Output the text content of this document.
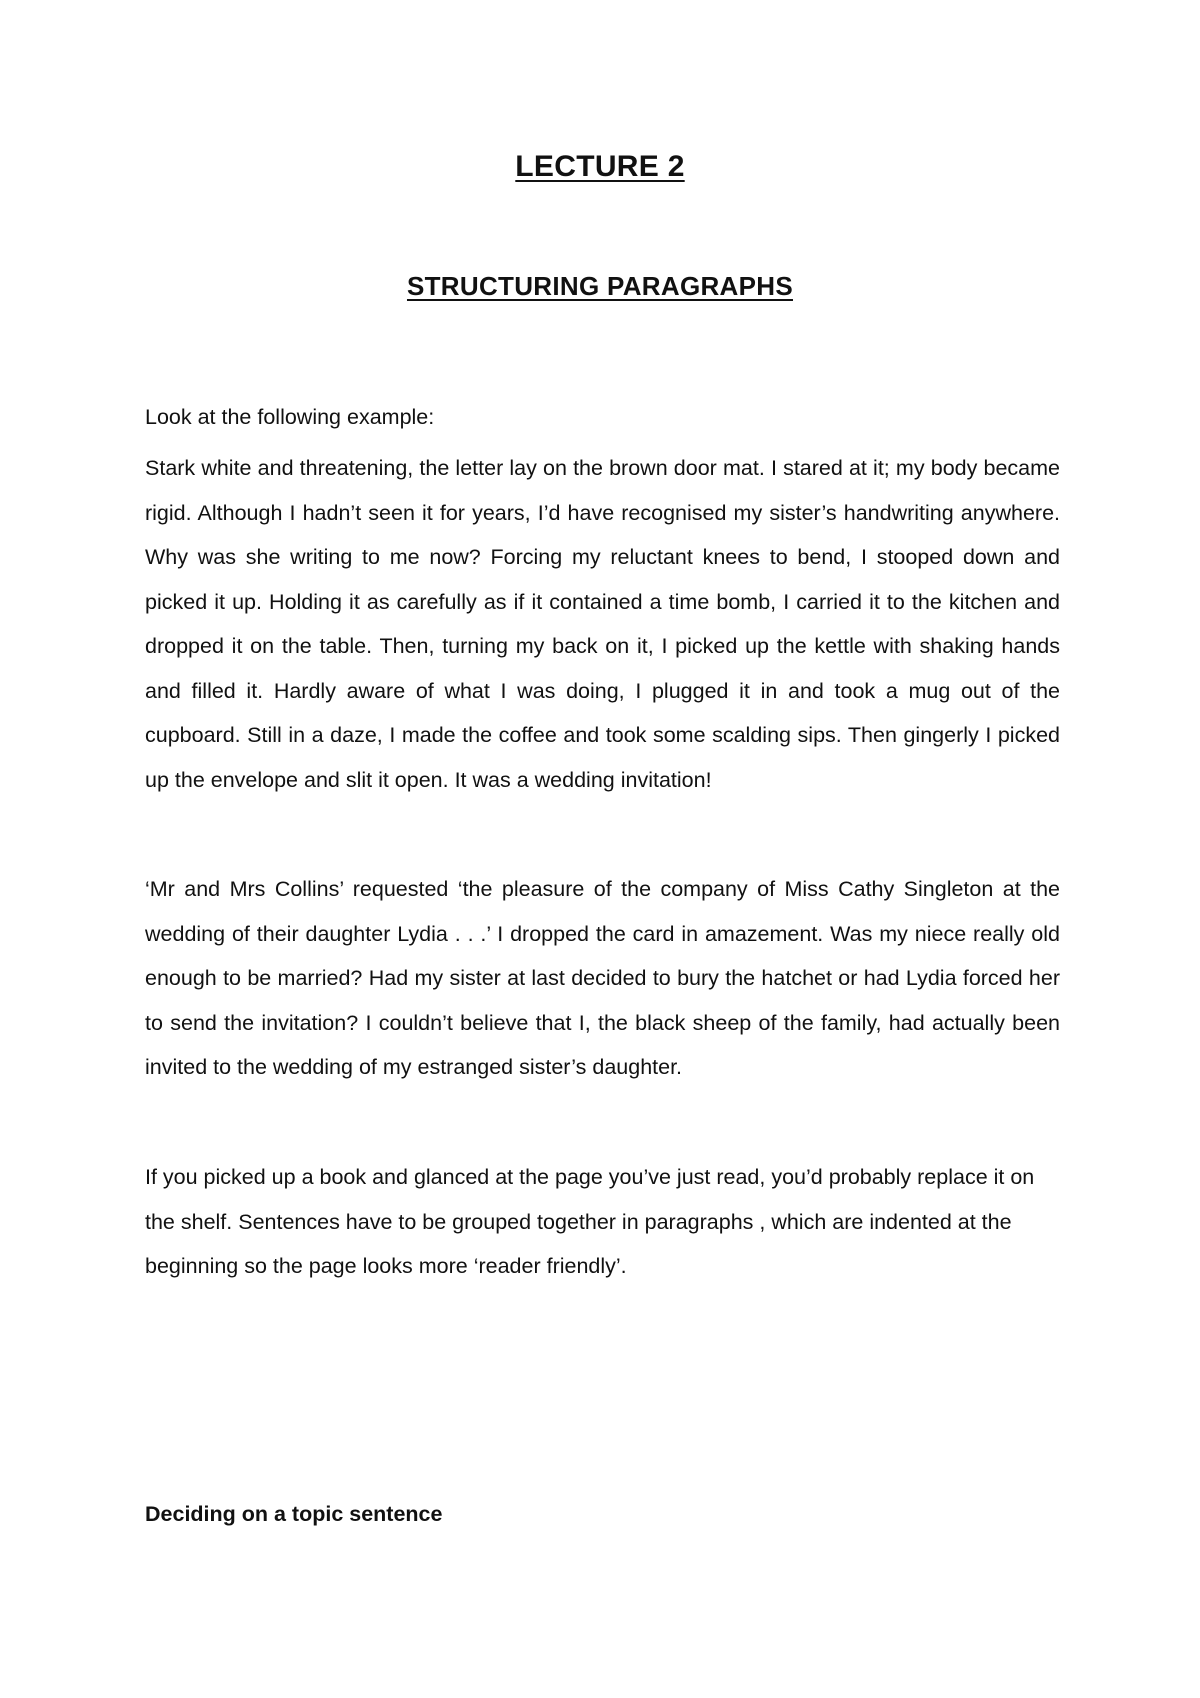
LECTURE 2
STRUCTURING PARAGRAPHS

Look at the following example:

Stark white and threatening, the letter lay on the brown door mat. I stared at it; my body became rigid. Although I hadn’t seen it for years, I’d have recognised my sister’s handwriting anywhere. Why was she writing to me now? Forcing my reluctant knees to bend, I stooped down and picked it up. Holding it as carefully as if it contained a time bomb, I carried it to the kitchen and dropped it on the table. Then, turning my back on it, I picked up the kettle with shaking hands and filled it. Hardly aware of what I was doing, I plugged it in and took a mug out of the cupboard. Still in a daze, I made the coffee and took some scalding sips. Then gingerly I picked up the envelope and slit it open. It was a wedding invitation!

‘Mr and Mrs Collins’ requested ‘the pleasure of the company of Miss Cathy Singleton at the wedding of their daughter Lydia . . .’ I dropped the card in amazement. Was my niece really old enough to be married? Had my sister at last decided to bury the hatchet or had Lydia forced her to send the invitation? I couldn’t believe that I, the black sheep of the family, had actually been invited to the wedding of my estranged sister’s daughter.

If you picked up a book and glanced at the page you’ve just read, you’d probably replace it on the shelf. Sentences have to be grouped together in paragraphs , which are indented at the beginning so the page looks more ‘reader friendly’.

Deciding on a topic sentence
